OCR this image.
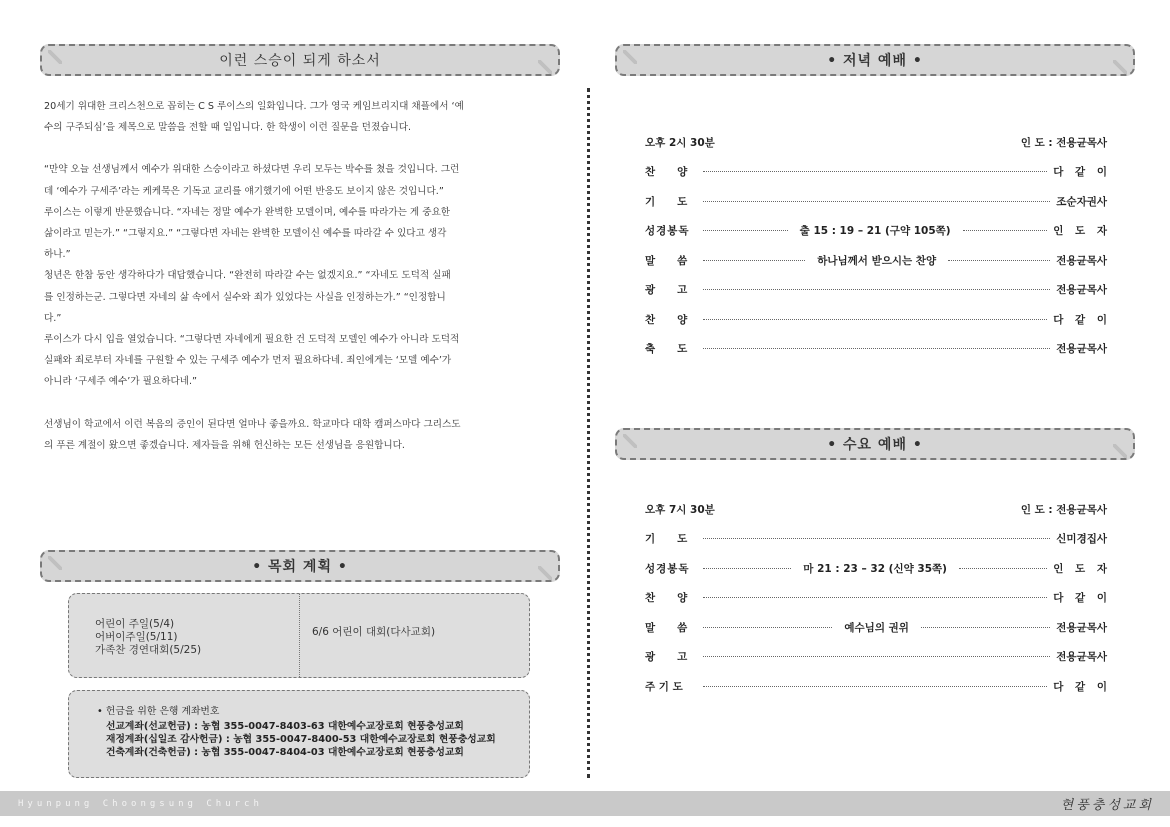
이런 스승이 되게 하소서

20세기 위대한 크리스천으로 꼽히는 C S 루이스의 일화입니다. 그가 영국 케임브리지대 채플에서 ‘예

수의 구주되심’을 제목으로 말씀을 전할 때 일입니다. 한 학생이 이런 질문을 던졌습니다.

“만약 오늘 선생님께서 예수가 위대한 스승이라고 하셨다면 우리 모두는 박수를 쳤을 것입니다. 그런

데 ‘예수가 구세주’라는 케케묵은 기독교 교리를 얘기했기에 어떤 반응도 보이지 않은 것입니다.”

루이스는 이렇게 반문했습니다. “자네는 정말 예수가 완벽한 모델이며, 예수를 따라가는 게 중요한

삶이라고 믿는가.” “그렇지요.” “그렇다면 자네는 완벽한 모델이신 예수를 따라갈 수 있다고 생각

하나.”

청년은 한참 동안 생각하다가 대답했습니다. “완전히 따라갈 수는 없겠지요.” “자네도 도덕적 실패

를 인정하는군. 그렇다면 자네의 삶 속에서 실수와 죄가 있었다는 사실을 인정하는가.” “인정합니

다.”

루이스가 다시 입을 열었습니다. “그렇다면 자네에게 필요한 건 도덕적 모델인 예수가 아니라 도덕적

실패와 죄로부터 자네를 구원할 수 있는 구세주 예수가 먼저 필요하다네. 죄인에게는 ‘모델 예수’가

아니라 ‘구세주 예수’가 필요하다네.”

선생님이 학교에서 이런 복음의 증인이 된다면 얼마나 좋을까요. 학교마다 대학 캠퍼스마다 그리스도

의 푸른 계절이 왔으면 좋겠습니다. 제자들을 위해 헌신하는 모든 선생님을 응원합니다.

• 목회 계획 •
어린이 주일(5/4)
어버이주일(5/11)
가족찬 경연대회(5/25)
6/6 어린이 대회(다사교회)
• 헌금을 위한 은행 계좌번호
선교계좌(선교헌금) : 농협 355-0047-8403-63 대한예수교장로회 현풍충성교회
재정계좌(십일조 감사헌금) : 농협 355-0047-8400-53 대한예수교장로회 현풍충성교회
건축계좌(건축헌금) : 농협 355-0047-8404-03 대한예수교장로회 현풍충성교회
• 저녁 예배 •
오후 2시 30분	인 도 : 전용균목사
찬      양	다 같 이
기      도	조순자권사
성경봉독	출 15 : 19 – 21 (구약 105쪽)	인 도 자
말      씀	하나님께서 받으시는 찬양	전용균목사
광      고	전용균목사
찬      양	다 같 이
축      도	전용균목사
• 수요 예배 •
오후 7시 30분	인 도 : 전용균목사
기      도	신미경집사
성경봉독	마 21 : 23 – 32 (신약 35쪽)	인 도 자
찬      양	다 같 이
말      씀	예수님의 권위	전용균목사
광      고	전용균목사
주 기 도	다 같 이
Hyunpung Choongsung Church	현풍충성교회
